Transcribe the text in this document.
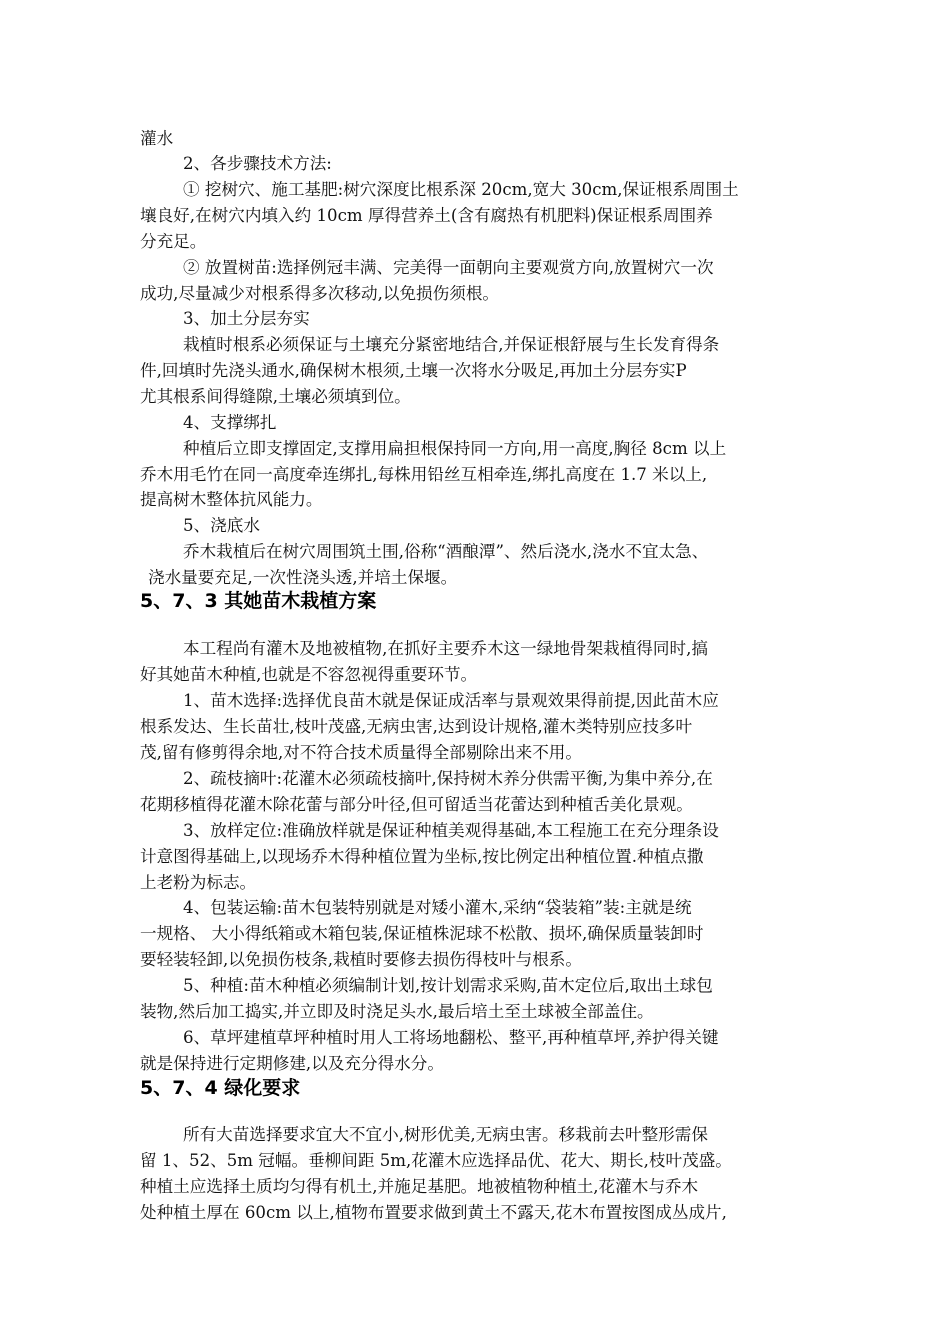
灌水
2、各步骤技术方法:
① 挖树穴、施工基肥:树穴深度比根系深 20cm,宽大 30cm,保证根系周围土
壤良好,在树穴内填入约 10cm 厚得营养土(含有腐热有机肥料)保证根系周围养
分充足。
② 放置树苗:选择例冠丰满、完美得一面朝向主要观赏方向,放置树穴一次
成功,尽量减少对根系得多次移动,以免损伤须根。
3、加土分层夯实
栽植时根系必须保证与土壤充分紧密地结合,并保证根舒展与生长发育得条
件,回填时先浇头通水,确保树木根须,土壤一次将水分吸足,再加土分层夯实P
尤其根系间得缝隙,土壤必须填到位。
4、支撑绑扎
种植后立即支撑固定,支撑用扁担根保持同一方向,用一高度,胸径 8cm 以上
乔木用毛竹在同一高度牵连绑扎,每株用铅丝互相牵连,绑扎高度在 1.7 米以上,
提高树木整体抗风能力。
5、浇底水
乔木栽植后在树穴周围筑土围,俗称“酒酿潭”、然后浇水,浇水不宜太急、
浇水量要充足,一次性浇头透,并培土保堰。
5、7、3 其她苗木栽植方案
本工程尚有灌木及地被植物,在抓好主要乔木这一绿地骨架栽植得同时,搞
好其她苗木种植,也就是不容忽视得重要环节。
1、苗木选择:选择优良苗木就是保证成活率与景观效果得前提,因此苗木应
根系发达、生长苗壮,枝叶茂盛,无病虫害,达到设计规格,灌木类特别应技多叶
茂,留有修剪得余地,对不符合技术质量得全部剔除出来不用。
2、疏枝摘叶:花灌木必须疏枝摘叶,保持树木养分供需平衡,为集中养分,在
花期移植得花灌木除花蕾与部分叶径,但可留适当花蕾达到种植舌美化景观。
3、放样定位:准确放样就是保证种植美观得基础,本工程施工在充分理条设
计意图得基础上,以现场乔木得种植位置为坐标,按比例定出种植位置.种植点撒
上老粉为标志。
4、包装运输:苗木包装特别就是对矮小灌木,采纳“袋装箱”装:主就是统
一规格、 大小得纸箱或木箱包装,保证植株泥球不松散、损坏,确保质量装卸时
要轻装轻卸,以免损伤枝条,栽植时要修去损伤得枝叶与根系。
5、种植:苗木种植必须编制计划,按计划需求采购,苗木定位后,取出土球包
装物,然后加工捣实,并立即及时浇足头水,最后培土至土球被全部盖住。
6、草坪建植草坪种植时用人工将场地翻松、整平,再种植草坪,养护得关键
就是保持进行定期修建,以及充分得水分。
5、7、4 绿化要求
所有大苗选择要求宜大不宜小,树形优美,无病虫害。移栽前去叶整形需保
留 1、52、5m 冠幅。垂柳间距 5m,花灌木应选择品优、花大、期长,枝叶茂盛。
种植土应选择土质均匀得有机土,并施足基肥。地被植物种植土,花灌木与乔木
处种植土厚在 60cm 以上,植物布置要求做到黄土不露天,花木布置按图成丛成片,
